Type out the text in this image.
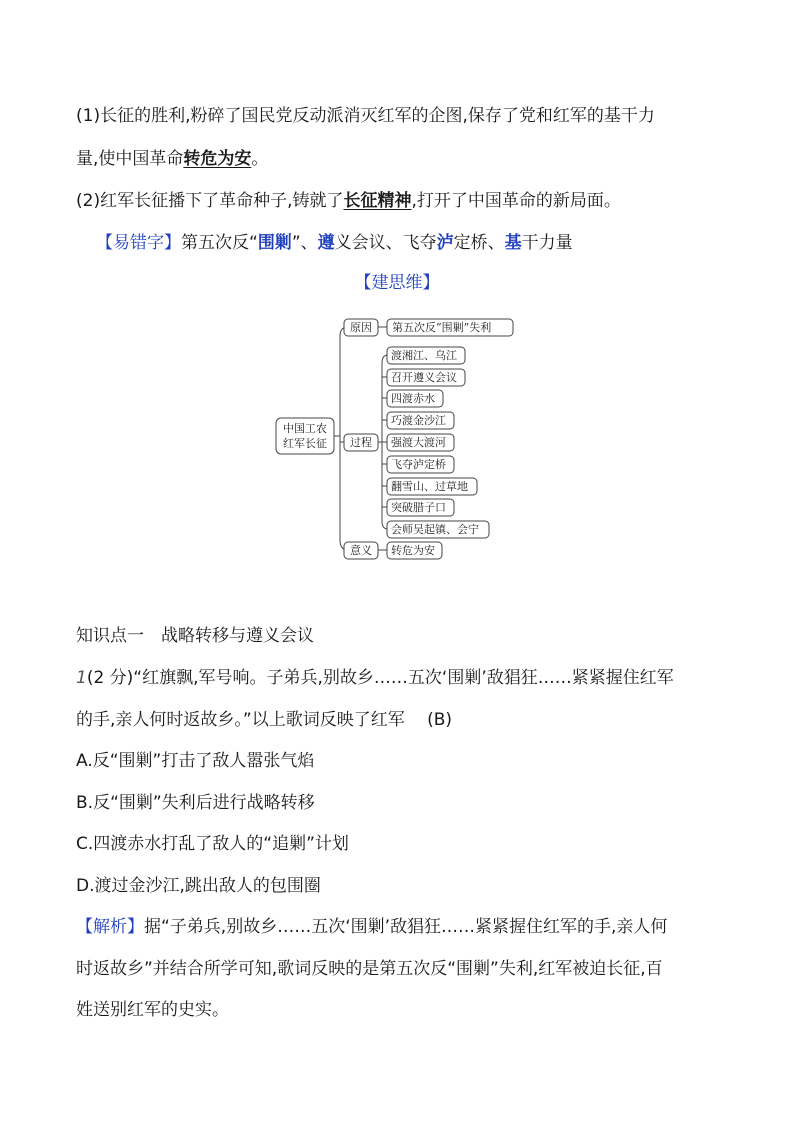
(1)长征的胜利,粉碎了国民党反动派消灭红军的企图,保存了党和红军的基干力
量,使中国革命转危为安。
(2)红军长征播下了革命种子,铸就了长征精神,打开了中国革命的新局面。
【易错字】第五次反“围剿”、遵义会议、飞夺泸定桥、基干力量
【建思维】
中国工农
红军长征
原因 第五次反“围剿”失利
过程
渡湘江、乌江
召开遵义会议
四渡赤水
巧渡金沙江
强渡大渡河
飞夺泸定桥
翻雪山、过草地
突破腊子口
会师吴起镇、会宁
意义 转危为安
知识点一　战略转移与遵义会议
1(2 分)“红旗飘,军号响。子弟兵,别故乡……五次‘围剿’敌猖狂……紧紧握住红军
的手,亲人何时返故乡。”以上歌词反映了红军　 (B)
A.反“围剿”打击了敌人嚣张气焰
B.反“围剿”失利后进行战略转移
C.四渡赤水打乱了敌人的“追剿”计划
D.渡过金沙江,跳出敌人的包围圈
【解析】据“子弟兵,别故乡……五次‘围剿’敌猖狂……紧紧握住红军的手,亲人何
时返故乡”并结合所学可知,歌词反映的是第五次反“围剿”失利,红军被迫长征,百
姓送别红军的史实。
